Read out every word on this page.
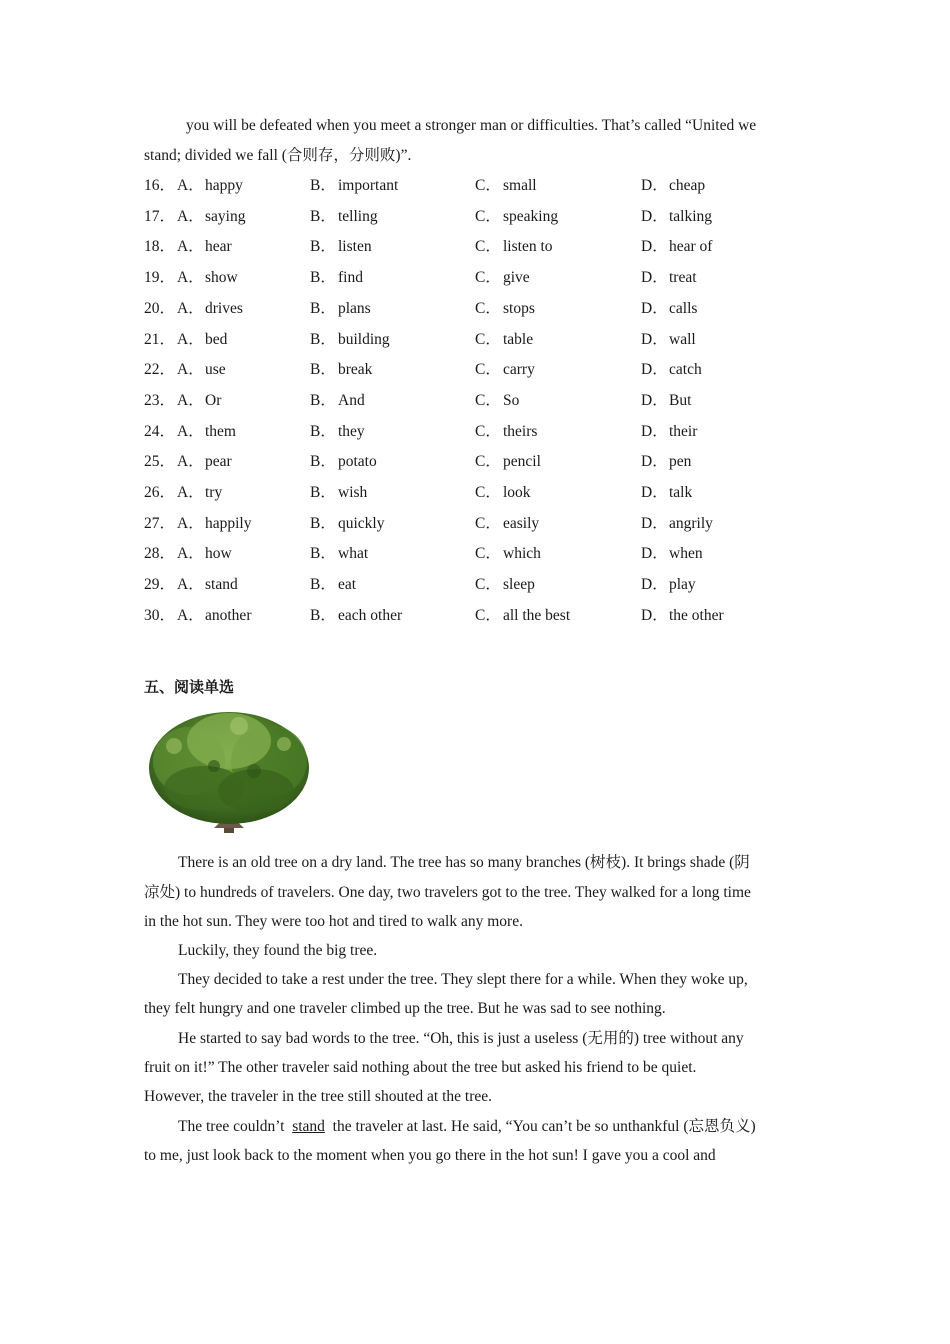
you will be defeated when you meet a stronger man or difficulties. That’s called “United we
stand; divided we fall (合则存，分则败)”.
16． A．happy	B． important	C． small	D．cheap
17． A．saying	B． telling	C． speaking	D．talking
18． A．hear	B． listen	C． listen to	D．hear of
19． A．show	B． find	C． give	D．treat
20． A．drives	B． plans	C． stops	D．calls
21． A．bed	B． building	C． table	D．wall
22． A．use	B． break	C． carry	D．catch
23． A．Or	B． And	C． So	D．But
24． A．them	B． they	C． theirs	D．their
25． A．pear	B． potato	C． pencil	D．pen
26． A．try	B． wish	C． look	D．talk
27． A．happily	B． quickly	C． easily	D．angrily
28． A．how	B． what	C． which	D．when
29． A．stand	B． eat	C． sleep	D．play
30． A．another	B． each other	C． all the best	D．the other
五、阅读单选
There is an old tree on a dry land. The tree has so many branches (树枝). It brings shade (阴
凉处) to hundreds of travelers. One day, two travelers got to the tree. They walked for a long time
in the hot sun. They were too hot and tired to walk any more.
Luckily, they found the big tree.
They decided to take a rest under the tree. They slept there for a while. When they woke up,
they felt hungry and one traveler climbed up the tree. But he was sad to see nothing.
He started to say bad words to the tree. “Oh, this is just a useless (无用的) tree without any
fruit on it!” The other traveler said nothing about the tree but asked his friend to be quiet.
However, the traveler in the tree still shouted at the tree.
The tree couldn’t stand the traveler at last. He said, “You can’t be so unthankful (忘恩负义)
to me, just look back to the moment when you go there in the hot sun! I gave you a cool and
